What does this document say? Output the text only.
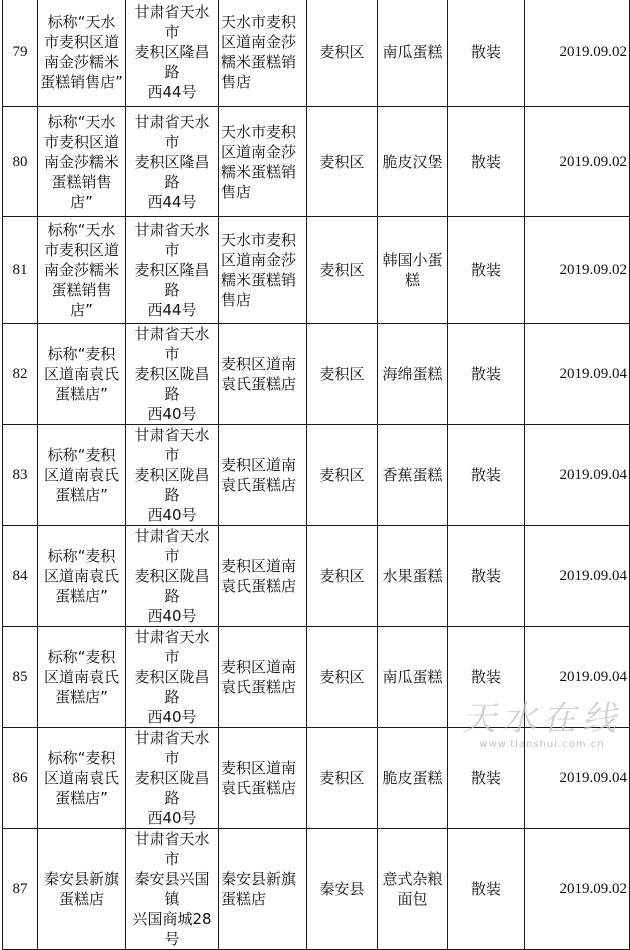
79	标称“天水
市麦积区道
南金莎糯米
蛋糕销售店”	甘肃省天水市
麦积区隆昌路
西44号	天水市麦积
区道南金莎
糯米蛋糕销
售店	麦积区	南瓜蛋糕	散装	2019.09.02
80	标称“天水
市麦积区道
南金莎糯米
蛋糕销售
店”	甘肃省天水市
麦积区隆昌路
西44号	天水市麦积
区道南金莎
糯米蛋糕销
售店	麦积区	脆皮汉堡	散装	2019.09.02
81	标称“天水
市麦积区道
南金莎糯米
蛋糕销售
店”	甘肃省天水市
麦积区隆昌路
西44号	天水市麦积
区道南金莎
糯米蛋糕销
售店	麦积区	韩国小蛋
糕	散装	2019.09.02
82	标称“麦积
区道南袁氏
蛋糕店”	甘肃省天水市
麦积区陇昌路
西40号	麦积区道南
袁氏蛋糕店	麦积区	海绵蛋糕	散装	2019.09.04
83	标称“麦积
区道南袁氏
蛋糕店”	甘肃省天水市
麦积区陇昌路
西40号	麦积区道南
袁氏蛋糕店	麦积区	香蕉蛋糕	散装	2019.09.04
84	标称“麦积
区道南袁氏
蛋糕店”	甘肃省天水市
麦积区陇昌路
西40号	麦积区道南
袁氏蛋糕店	麦积区	水果蛋糕	散装	2019.09.04
85	标称“麦积
区道南袁氏
蛋糕店”	甘肃省天水市
麦积区陇昌路
西40号	麦积区道南
袁氏蛋糕店	麦积区	南瓜蛋糕	散装	2019.09.04
86	标称“麦积
区道南袁氏
蛋糕店”	甘肃省天水市
麦积区陇昌路
西40号	麦积区道南
袁氏蛋糕店	麦积区	脆皮蛋糕	散装	2019.09.04
87	秦安县新旗
蛋糕店	甘肃省天水市
秦安县兴国镇
兴国商城28号	秦安县新旗
蛋糕店	秦安县	意式杂粮
面包	散装	2019.09.02
天水在线
www.tianshui.com.cn
